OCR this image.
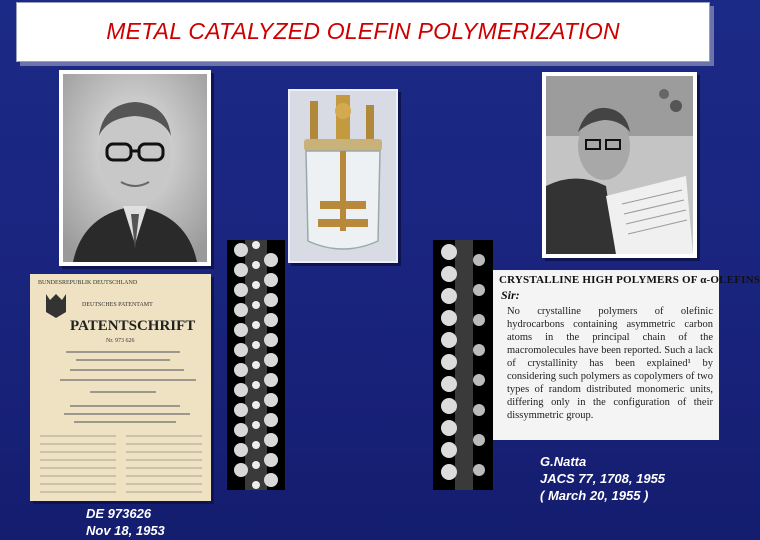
METAL CATALYZED OLEFIN POLYMERIZATION
BUNDESREPUBLIK DEUTSCHLAND
DEUTSCHES PATENTAMT
PATENTSCHRIFT
Nr. 973 626
CRYSTALLINE HIGH POLYMERS OF α-OLEFINS
Sir:
No crystalline polymers of olefinic hydrocarbons containing asymmetric carbon atoms in the principal chain of the macromolecules have been reported. Such a lack of crystallinity has been explained¹ by considering such polymers as copolymers of two types of random distributed monomeric units, differing only in the configuration of their dissymmetric group.
DE 973626
Nov 18, 1953
G.Natta
JACS 77, 1708, 1955
( March 20, 1955 )
